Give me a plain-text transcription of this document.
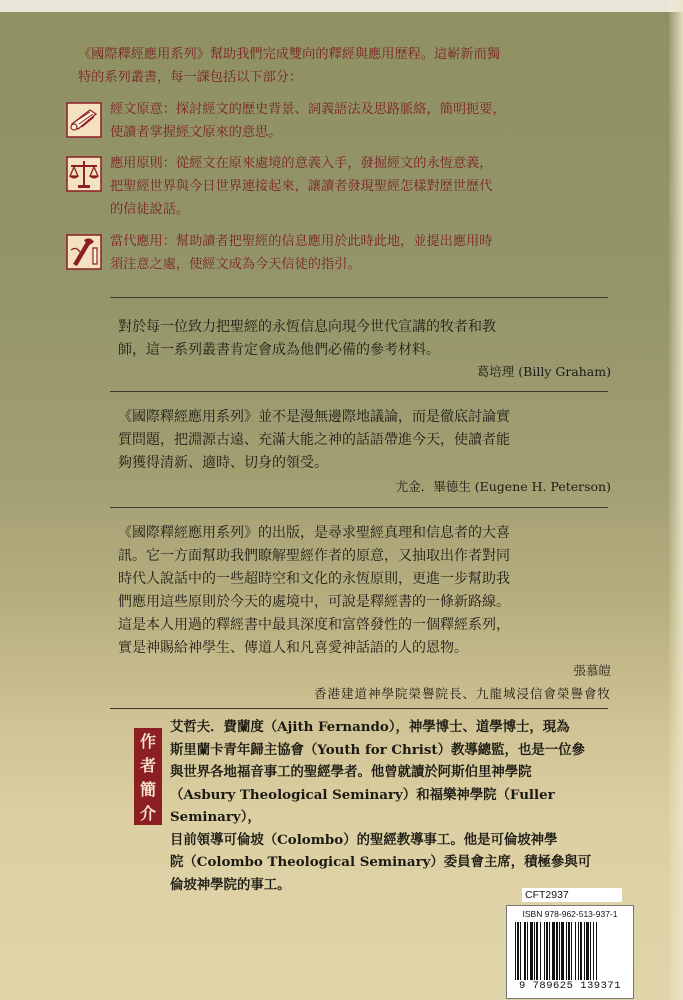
《國際釋經應用系列》幫助我們完成雙向的釋經與應用歷程。這嶄新而獨
特的系列叢書，每一課包括以下部分：
經文原意：探討經文的歷史背景、詞義語法及思路脈絡，簡明扼要，
使讀者掌握經文原來的意思。
應用原則：從經文在原來處境的意義入手，發掘經文的永恆意義，
把聖經世界與今日世界連接起來，讓讀者發現聖經怎樣對歷世歷代
的信徒說話。
當代應用：幫助讀者把聖經的信息應用於此時此地，並提出應用時
須注意之處，使經文成為今天信徒的指引。
對於每一位致力把聖經的永恆信息向現今世代宣講的牧者和教
師，這一系列叢書肯定會成為他們必備的參考材料。
葛培理 (Billy Graham)
《國際釋經應用系列》並不是漫無邊際地議論，而是徹底討論實
質問題，把淵源古遠、充滿大能之神的話語帶進今天，使讀者能
夠獲得清新、適時、切身的領受。
尤金．畢德生 (Eugene H. Peterson)
《國際釋經應用系列》的出版，是尋求聖經真理和信息者的大喜
訊。它一方面幫助我們瞭解聖經作者的原意，又抽取出作者對同
時代人說話中的一些超時空和文化的永恆原則，更進一步幫助我
們應用這些原則於今天的處境中，可說是釋經書的一條新路線。
這是本人用過的釋經書中最具深度和富啓發性的一個釋經系列，
實是神賜給神學生、傳道人和凡喜愛神話語的人的恩物。
張慕皚
香港建道神學院榮譽院長、九龍城浸信會榮譽會牧
作
者
簡
介
艾哲夫．費蘭度（Ajith Fernando），神學博士、道學博士，現為
斯里蘭卡青年歸主協會（Youth for Christ）教導總監，也是一位參
與世界各地福音事工的聖經學者。他曾就讀於阿斯伯里神學院
（Asbury Theological Seminary）和福樂神學院（Fuller Seminary），
目前領導可倫坡（Colombo）的聖經教導事工。他是可倫坡神學
院（Colombo Theological Seminary）委員會主席，積極參與可
倫坡神學院的事工。
CFT2937
ISBN 978-962-513-937-1
9 789625 139371
